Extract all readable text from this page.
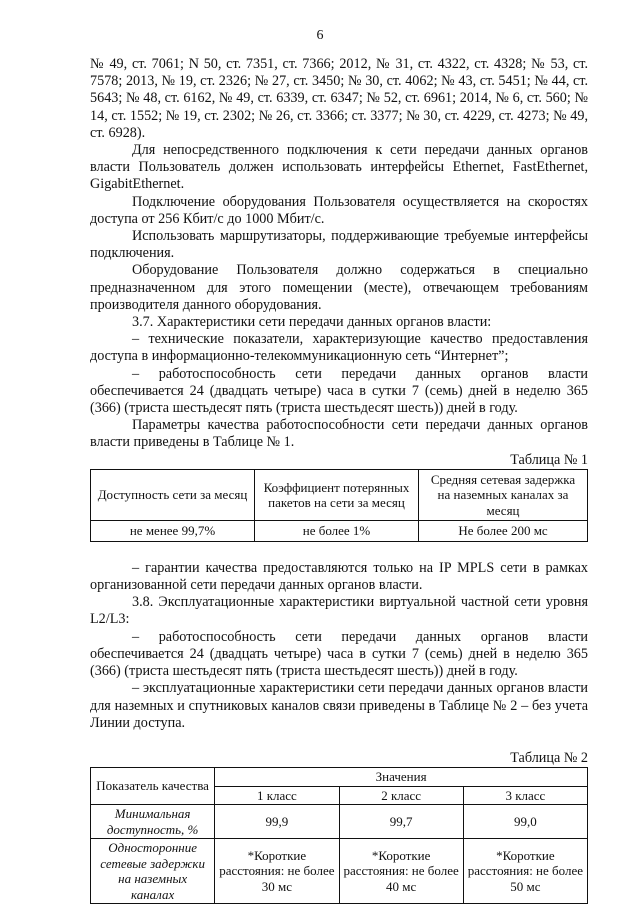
6

№ 49, ст. 7061; N 50, ст. 7351, ст. 7366; 2012, № 31, ст. 4322, ст. 4328; № 53, ст. 7578; 2013, № 19, ст. 2326; № 27, ст. 3450; № 30, ст. 4062; № 43, ст. 5451; № 44, ст. 5643; № 48, ст. 6162, № 49, ст. 6339, ст. 6347; № 52, ст. 6961; 2014, № 6, ст. 560; № 14, ст. 1552; № 19, ст. 2302; № 26, ст. 3366; ст. 3377; № 30, ст. 4229, ст. 4273; № 49, ст. 6928).

Для непосредственного подключения к сети передачи данных органов власти Пользователь должен использовать интерфейсы Ethernet, FastEthernet, GigabitEthernet.

Подключение оборудования Пользователя осуществляется на скоростях доступа от 256 Кбит/с до 1000 Мбит/с.

Использовать маршрутизаторы, поддерживающие требуемые интерфейсы подключения.

Оборудование Пользователя должно содержаться в специально предназначенном для этого помещении (месте), отвечающем требованиям производителя данного оборудования.

3.7. Характеристики сети передачи данных органов власти:

– технические показатели, характеризующие качество предоставления доступа в информационно-телекоммуникационную сеть “Интернет”;

– работоспособность сети передачи данных органов власти обеспечивается 24 (двадцать четыре) часа в сутки 7 (семь) дней в неделю 365 (366) (триста шестьдесят пять (триста шестьдесят шесть)) дней в году.

Параметры качества работоспособности сети передачи данных органов власти приведены в Таблице № 1.

Таблица № 1

Доступность сети за месяц	Коэффициент потерянных пакетов на сети за месяц	Средняя сетевая задержка на наземных каналах за месяц
не менее 99,7%	не более 1%	Не более 200 мс

– гарантии качества предоставляются только на IP MPLS сети в рамках организованной сети передачи данных органов власти.

3.8. Эксплуатационные характеристики виртуальной частной сети уровня L2/L3:

– работоспособность сети передачи данных органов власти обеспечивается 24 (двадцать четыре) часа в сутки 7 (семь) дней в неделю 365 (366) (триста шестьдесят пять (триста шестьдесят шесть)) дней в году.

– эксплуатационные характеристики сети передачи данных органов власти для наземных и спутниковых каналов связи приведены в Таблице № 2 – без учета Линии доступа.

Таблица № 2

Показатель качества	Значения		
	1 класс	2 класс	3 класс
Минимальная доступность, %	99,9	99,7	99,0
Односторонние сетевые задержки на наземных каналах	*Короткие расстояния: не более 30 мс	*Короткие расстояния: не более 40 мс	*Короткие расстояния: не более 50 мс
